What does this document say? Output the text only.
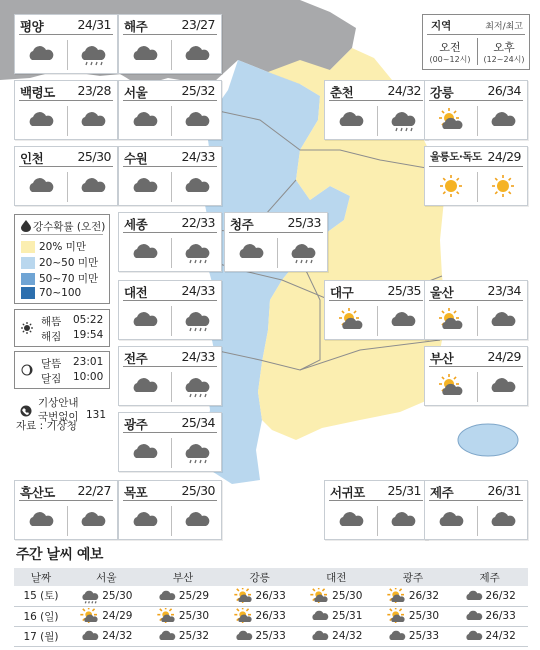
지역	최저/최고
오전	오후
(00~12시)	(12~24시)
강수확률 (오전)
20% 미만
20~50 미만
50~70 미만
70~100
해뜸 05:22
해짐 19:54
달뜸 23:01
달짐 10:00
기상안내
국번없이 131
자료 : 기상청
평양	24/31 해주	23/27
백령도 23/28 서울	25/32	춘천	24/32 강릉	26/34
인천	25/30 수원	24/33	울릉도·독도 24/29
세종	22/33 청주	25/33
대전	24/33	대구	25/35 울산	23/34
전주	24/33	부산	24/29
광주	25/34
흑산도 22/27 목포	25/30	서귀포 25/31 제주	26/31
주간 날씨 예보
날짜	서울	부산	강릉	대전	광주	제주
15 (토)	25/30	25/29	26/33	25/30	26/32	26/32

16 (일)	24/29	25/30	26/33	25/31	25/30	26/33

17 (월)	24/32	25/32	25/33	24/32	25/33	24/32
